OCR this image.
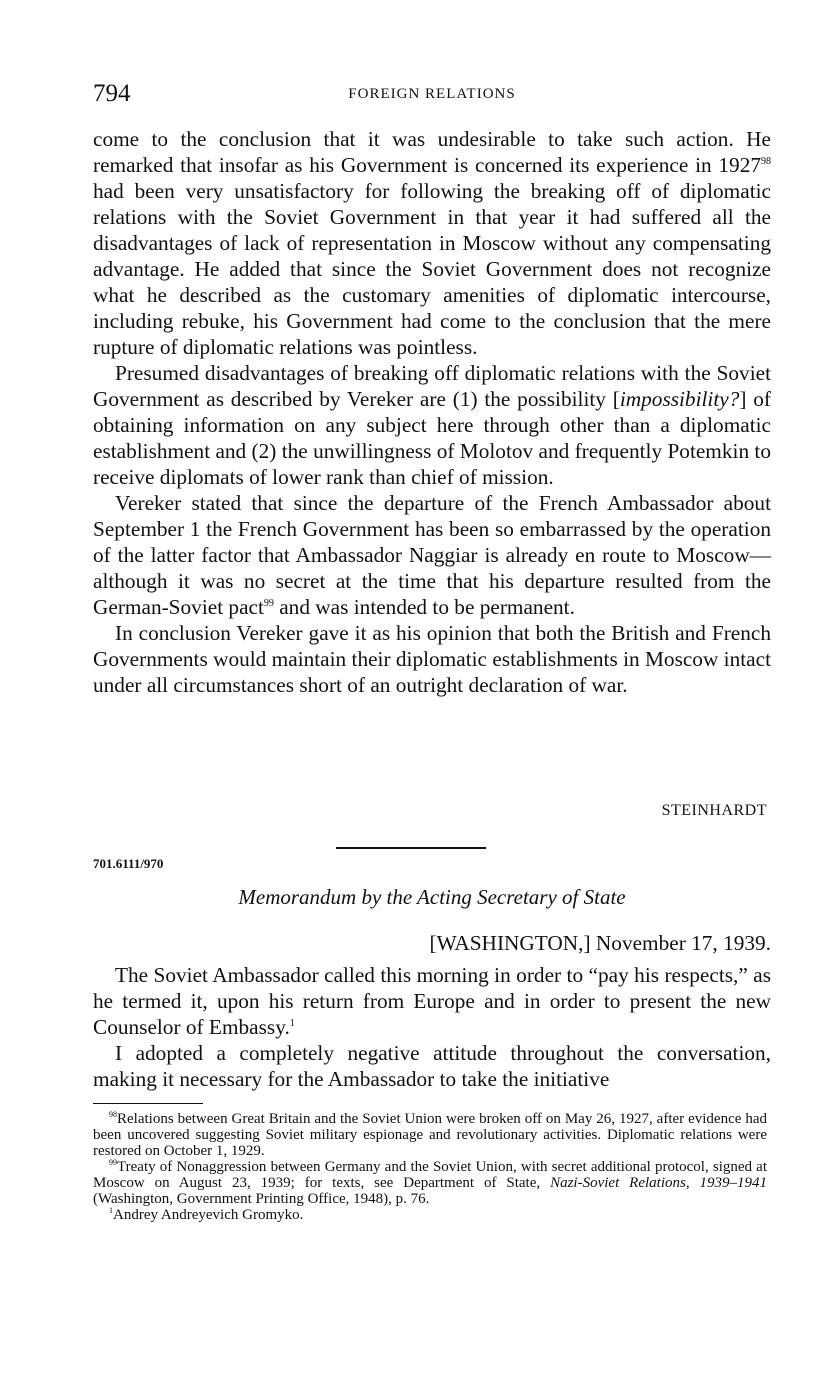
794	FOREIGN RELATIONS

come to the conclusion that it was undesirable to take such action. He remarked that insofar as his Government is concerned its experience in 1927$^{98}$ had been very unsatisfactory for following the breaking off of diplomatic relations with the Soviet Government in that year it had suffered all the disadvantages of lack of representation in Moscow without any compensating advantage. He added that since the Soviet Government does not recognize what he described as the customary amenities of diplomatic intercourse, including rebuke, his Government had come to the conclusion that the mere rupture of diplomatic relations was pointless.

Presumed disadvantages of breaking off diplomatic relations with the Soviet Government as described by Vereker are (1) the possibility [impossibility?] of obtaining information on any subject here through other than a diplomatic establishment and (2) the unwillingness of Molotov and frequently Potemkin to receive diplomats of lower rank than chief of mission.

Vereker stated that since the departure of the French Ambassador about September 1 the French Government has been so embarrassed by the operation of the latter factor that Ambassador Naggiar is already en route to Moscow—although it was no secret at the time that his departure resulted from the German-Soviet pact$^{99}$ and was intended to be permanent.

In conclusion Vereker gave it as his opinion that both the British and French Governments would maintain their diplomatic establishments in Moscow intact under all circumstances short of an outright declaration of war.

STEINHARDT
701.6111/970
Memorandum by the Acting Secretary of State
[WASHINGTON,] November 17, 1939.

The Soviet Ambassador called this morning in order to “pay his respects,” as he termed it, upon his return from Europe and in order to present the new Counselor of Embassy.$^1$

I adopted a completely negative attitude throughout the conversation, making it necessary for the Ambassador to take the initiative

$^{98}$Relations between Great Britain and the Soviet Union were broken off on May 26, 1927, after evidence had been uncovered suggesting Soviet military espionage and revolutionary activities. Diplomatic relations were restored on October 1, 1929.

$^{99}$Treaty of Nonaggression between Germany and the Soviet Union, with secret additional protocol, signed at Moscow on August 23, 1939; for texts, see Department of State, Nazi-Soviet Relations, 1939–1941 (Washington, Government Printing Office, 1948), p. 76.

$^1$Andrey Andreyevich Gromyko.
